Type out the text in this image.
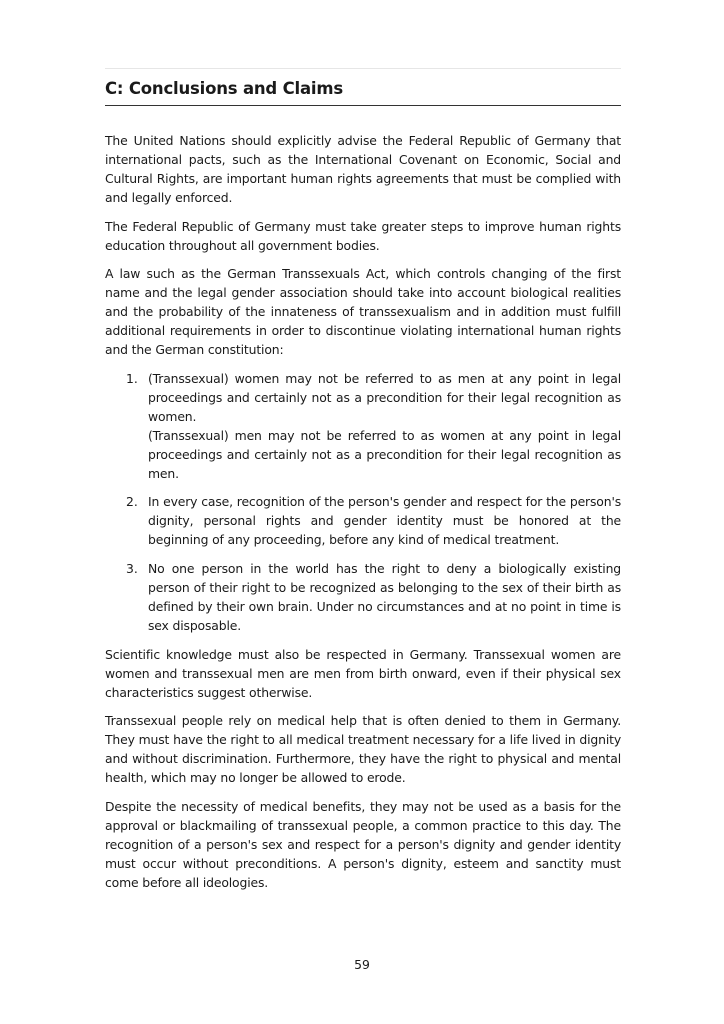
C: Conclusions and Claims

The United Nations should explicitly advise the Federal Republic of Germany that international pacts, such as the International Covenant on Economic, Social and Cultural Rights, are important human rights agreements that must be complied with and legally enforced.

The Federal Republic of Germany must take greater steps to improve human rights education throughout all government bodies.

A law such as the German Transsexuals Act, which controls changing of the first name and the legal gender association should take into account biological realities and the probability of the innateness of transsexualism and in addition must fulfill additional requirements in order to discontinue violating international human rights and the German constitution:

1. (Transsexual) women may not be referred to as men at any point in legal proceedings and certainly not as a precondition for their legal recognition as women.

(Transsexual) men may not be referred to as women at any point in legal proceedings and certainly not as a precondition for their legal recognition as men.

2. In every case, recognition of the person's gender and respect for the person's dignity, personal rights and gender identity must be honored at the beginning of any proceeding, before any kind of medical treatment.

3. No one person in the world has the right to deny a biologically existing person of their right to be recognized as belonging to the sex of their birth as defined by their own brain. Under no circumstances and at no point in time is sex disposable.

Scientific knowledge must also be respected in Germany. Transsexual women are women and transsexual men are men from birth onward, even if their physical sex characteristics suggest otherwise.

Transsexual people rely on medical help that is often denied to them in Germany. They must have the right to all medical treatment necessary for a life lived in dignity and without discrimination. Furthermore, they have the right to physical and mental health, which may no longer be allowed to erode.

Despite the necessity of medical benefits, they may not be used as a basis for the approval or blackmailing of transsexual people, a common practice to this day. The recognition of a person's sex and respect for a person's dignity and gender identity must occur without preconditions. A person's dignity, esteem and sanctity must come before all ideologies.

59
